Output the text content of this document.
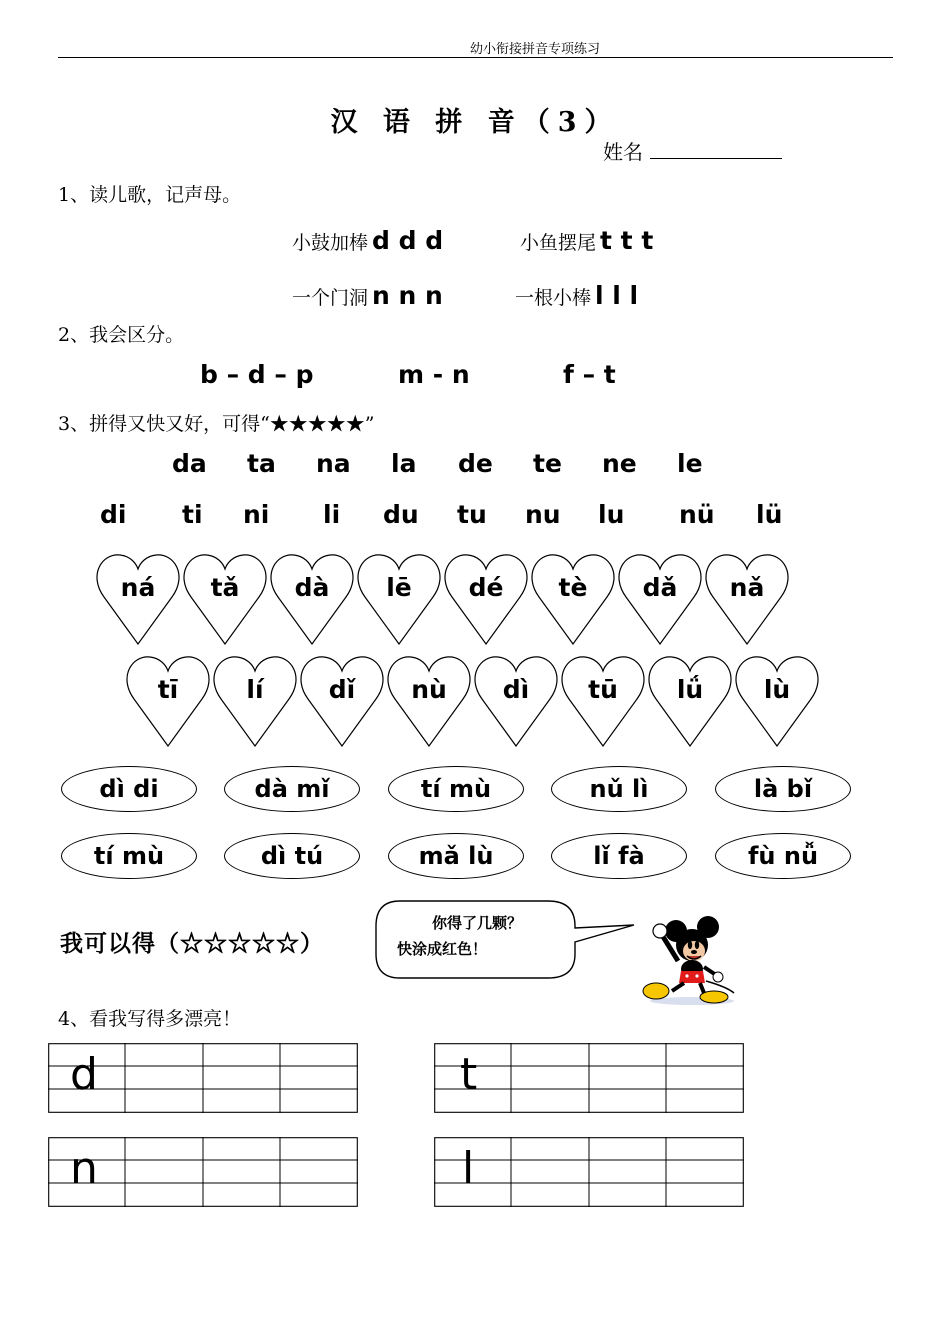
幼小衔接拼音专项练习
汉 语 拼 音（3）
姓名
1、读儿歌，记声母。
小鼓加棒 d d d	小鱼摆尾 t t t
一个门洞 n n n	一根小棒 l l l
2、我会区分。
b – d – p	m - n	f – t
3、拼得又快又好，可得“★★★★★”
da ta na la de te ne le
di ti ni li du tu nu lu nü lü
ná	tǎ	dà	lē	dé	tè	dǎ	nǎ
tī	lí	dǐ	nù	dì	tū	lǘ	lù
dì di	dà mǐ	tí mù	nǔ lì	là bǐ
tí mù	dì tú	mǎ lù	lǐ fà	fù nǚ
我可以得（☆☆☆☆☆）
你得了几颗？
快涂成红色！
4、看我写得多漂亮！
d	t
n	l
